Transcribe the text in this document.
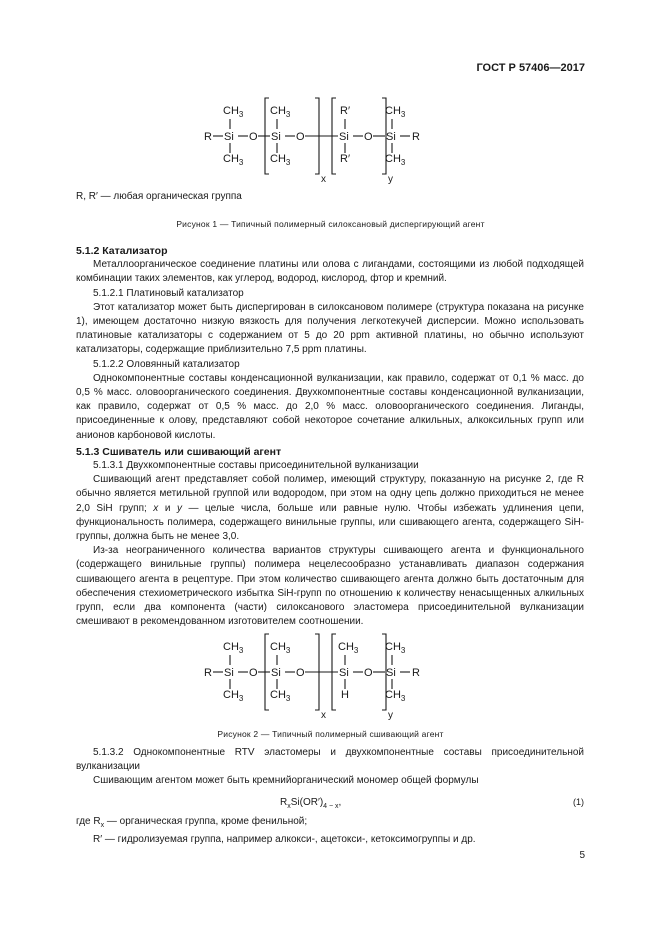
ГОСТ Р 57406—2017
$CH_3$
$CH_3$
$CH_3$
$CH_3$
R′
R′
$CH_3$
$CH_3$
R Si O Si O	Si O Si R
x	y
R, R′ — любая органическая группа
Рисунок 1 — Типичный полимерный силоксановый диспергирующий агент

5.1.2 Катализатор

Металлоорганическое соединение платины или олова с лигандами, состоящими из любой подходящей комбинации таких элементов, как углерод, водород, кислород, фтор и кремний.

5.1.2.1 Платиновый катализатор

Этот катализатор может быть диспергирован в силоксановом полимере (структура показана на рисунке 1), имеющем достаточно низкую вязкость для получения легкотекучей дисперсии. Можно использовать платиновые катализаторы с содержанием от 5 до 20 ppm активной платины, но обычно используют катализаторы, содержащие приблизительно 7,5 ppm платины.

5.1.2.2 Оловянный катализатор

Однокомпонентные составы конденсационной вулканизации, как правило, содержат от 0,1 % масс. до 0,5 % масс. оловоорганического соединения. Двухкомпонентные составы конденсационной вулканизации, как правило, содержат от 0,5 % масс. до 2,0 % масс. оловоорганического соединения. Лиганды, присоединенные к олову, представляют собой некоторое сочетание алкильных, алкоксильных групп или анионов карбоновой кислоты.

5.1.3 Сшиватель или сшивающий агент

5.1.3.1 Двухкомпонентные составы присоединительной вулканизации

Сшивающий агент представляет собой полимер, имеющий структуру, показанную на рисунке 2, где R обычно является метильной группой или водородом, при этом на одну цепь должно приходиться не менее 2,0 SiH групп; x и y — целые числа, больше или равные нулю. Чтобы избежать удлинения цепи, функциональность полимера, содержащего винильные группы, или сшивающего агента, содержащего SiH-группы, должна быть не менее 3,0.

Из-за неограниченного количества вариантов структуры сшивающего агента и функционального (содержащего винильные группы) полимера нецелесообразно устанавливать диапазон содержания сшивающего агента в рецептуре. При этом количество сшивающего агента должно быть достаточным для обеспечения стехиометрического избытка SiH-групп по отношению к количеству ненасыщенных алкильных групп, если два компонента (части) силоксанового эластомера присоединительной вулканизации смешивают в рекомендованном изготовителем соотношении.

$CH_3$
$CH_3$
$CH_3$
$CH_3$
$CH_3$
H
$CH_3$
$CH_3$
R Si O Si O	Si O Si R
x	y
Рисунок 2 — Типичный полимерный сшивающий агент

5.1.3.2 Однокомпонентные RTV эластомеры и двухкомпонентные составы присоединительной вулканизации

Сшивающим агентом может быть кремнийорганический мономер общей формулы

$R_xSi(OR')_{4 - x}$,	(1)

где $R_x$ — органическая группа, кроме фенильной;

R′ — гидролизуемая группа, например алкокси-, ацетокси-, кетоксимогруппы и др.

5
